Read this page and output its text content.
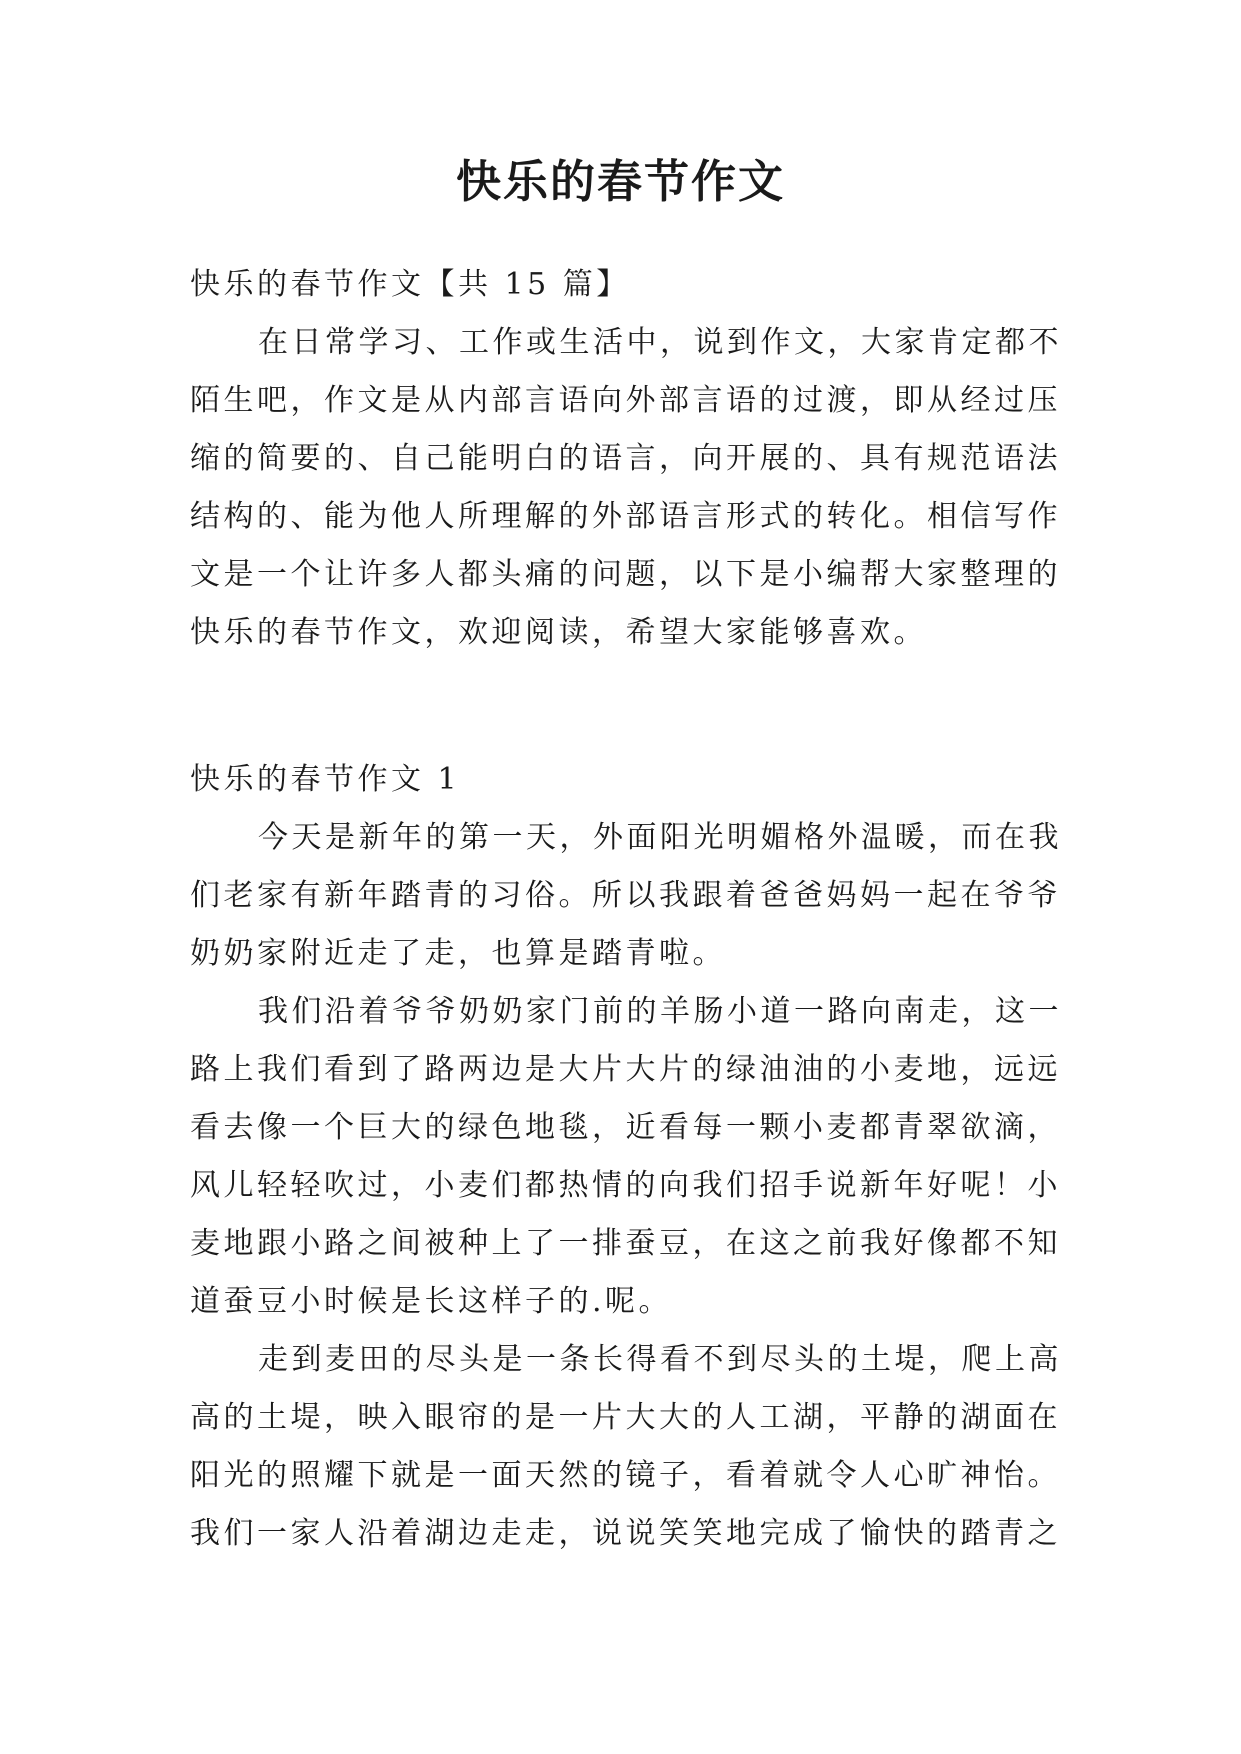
快乐的春节作文

快乐的春节作文【共 15 篇】

在日常学习、工作或生活中，说到作文，大家肯定都不

陌生吧，作文是从内部言语向外部言语的过渡，即从经过压

缩的简要的、自己能明白的语言，向开展的、具有规范语法

结构的、能为他人所理解的外部语言形式的转化。相信写作

文是一个让许多人都头痛的问题，以下是小编帮大家整理的

快乐的春节作文，欢迎阅读，希望大家能够喜欢。

快乐的春节作文 1

今天是新年的第一天，外面阳光明媚格外温暖，而在我

们老家有新年踏青的习俗。所以我跟着爸爸妈妈一起在爷爷

奶奶家附近走了走，也算是踏青啦。

我们沿着爷爷奶奶家门前的羊肠小道一路向南走，这一

路上我们看到了路两边是大片大片的绿油油的小麦地，远远

看去像一个巨大的绿色地毯，近看每一颗小麦都青翠欲滴，

风儿轻轻吹过，小麦们都热情的向我们招手说新年好呢！小

麦地跟小路之间被种上了一排蚕豆，在这之前我好像都不知

道蚕豆小时候是长这样子的.呢。

走到麦田的尽头是一条长得看不到尽头的土堤，爬上高

高的土堤，映入眼帘的是一片大大的人工湖，平静的湖面在

阳光的照耀下就是一面天然的镜子，看着就令人心旷神怡。

我们一家人沿着湖边走走，说说笑笑地完成了愉快的踏青之
